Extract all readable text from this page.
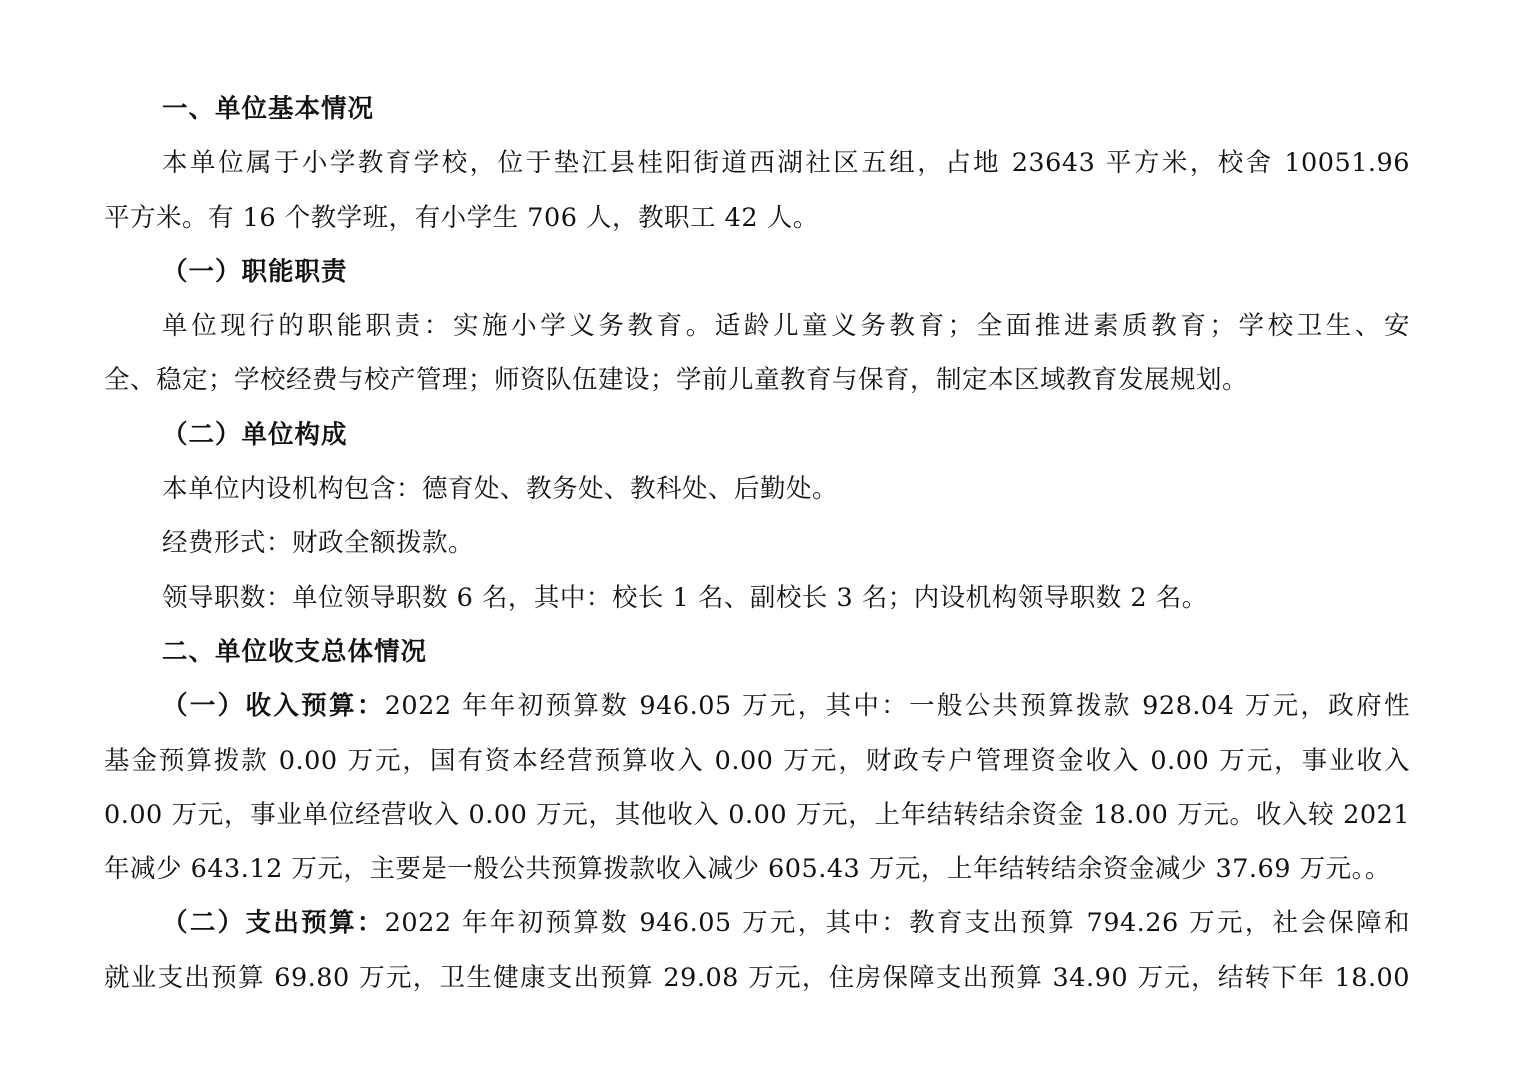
一、单位基本情况
本单位属于小学教育学校，位于垫江县桂阳街道西湖社区五组，占地 23643 平方米，校舍 10051.96
平方米。有 16 个教学班，有小学生 706 人，教职工 42 人。
（一）职能职责
单位现行的职能职责：实施小学义务教育。适龄儿童义务教育；全面推进素质教育；学校卫生、安
全、稳定；学校经费与校产管理；师资队伍建设；学前儿童教育与保育，制定本区域教育发展规划。
（二）单位构成
本单位内设机构包含：德育处、教务处、教科处、后勤处。
经费形式：财政全额拨款。
领导职数：单位领导职数 6 名，其中：校长 1 名、副校长 3 名；内设机构领导职数 2 名。
二、单位收支总体情况
（一）收入预算：2022 年年初预算数 946.05 万元，其中：一般公共预算拨款 928.04 万元，政府性
基金预算拨款 0.00 万元，国有资本经营预算收入 0.00 万元，财政专户管理资金收入 0.00 万元，事业收入
0.00 万元，事业单位经营收入 0.00 万元，其他收入 0.00 万元，上年结转结余资金 18.00 万元。收入较 2021
年减少 643.12 万元，主要是一般公共预算拨款收入减少 605.43 万元，上年结转结余资金减少 37.69 万元。。
（二）支出预算：2022 年年初预算数 946.05 万元，其中：教育支出预算 794.26 万元，社会保障和
就业支出预算 69.80 万元，卫生健康支出预算 29.08 万元，住房保障支出预算 34.90 万元，结转下年 18.00
